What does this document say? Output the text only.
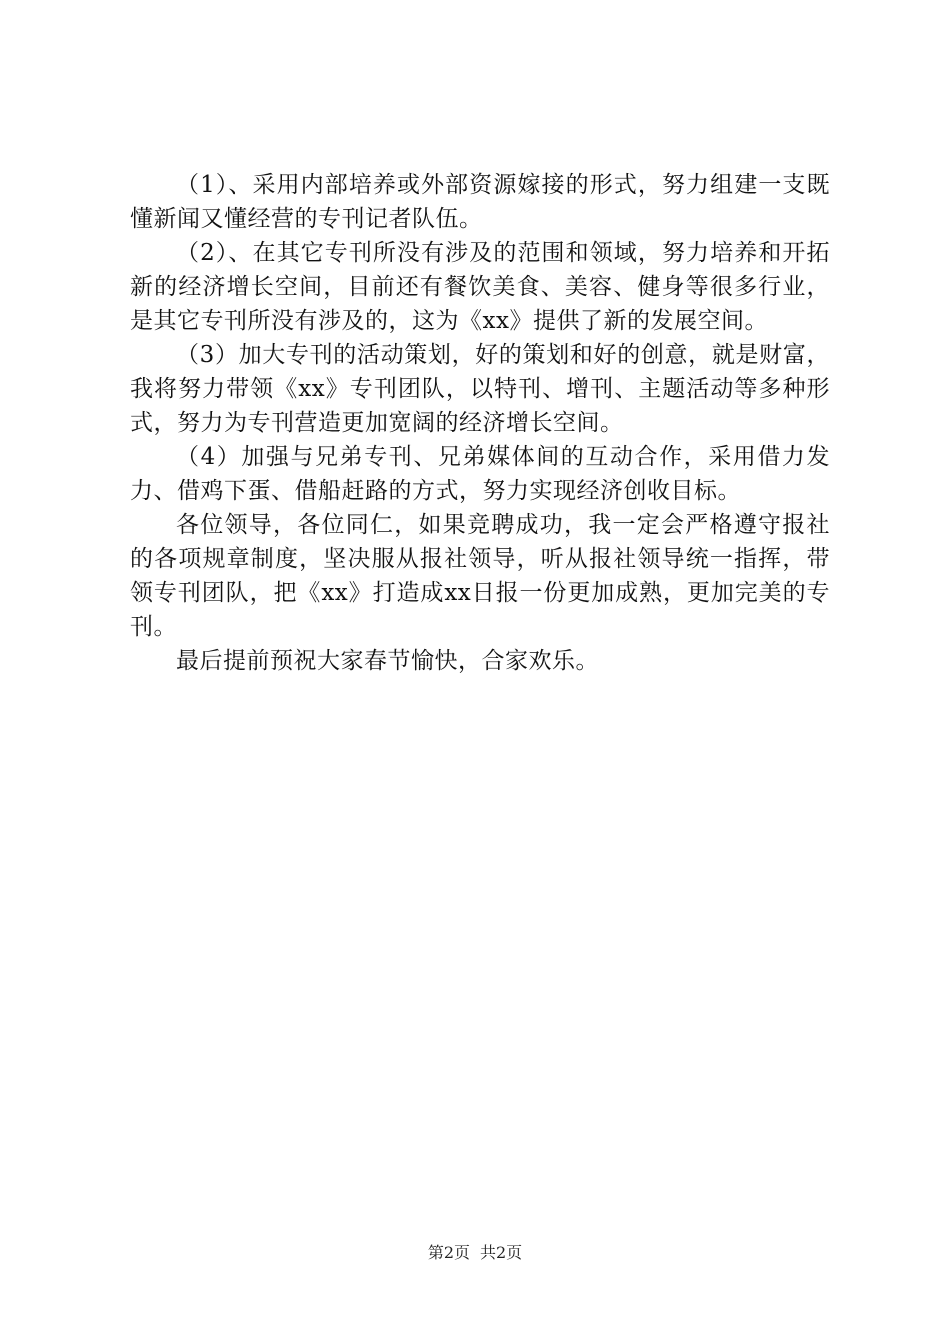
（1）、采用内部培养或外部资源嫁接的形式，努力组建一支既懂新闻又懂经营的专刊记者队伍。

（2）、在其它专刊所没有涉及的范围和领域，努力培养和开拓新的经济增长空间，目前还有餐饮美食、美容、健身等很多行业，是其它专刊所没有涉及的，这为《xx》提供了新的发展空间。

（3）加大专刊的活动策划，好的策划和好的创意，就是财富，我将努力带领《xx》专刊团队，以特刊、增刊、主题活动等多种形式，努力为专刊营造更加宽阔的经济增长空间。

（4）加强与兄弟专刊、兄弟媒体间的互动合作，采用借力发力、借鸡下蛋、借船赶路的方式，努力实现经济创收目标。

各位领导，各位同仁，如果竞聘成功，我一定会严格遵守报社的各项规章制度，坚决服从报社领导，听从报社领导统一指挥，带领专刊团队，把《xx》打造成xx日报一份更加成熟，更加完美的专刊。

最后提前预祝大家春节愉快，合家欢乐。

第2页 共2页
